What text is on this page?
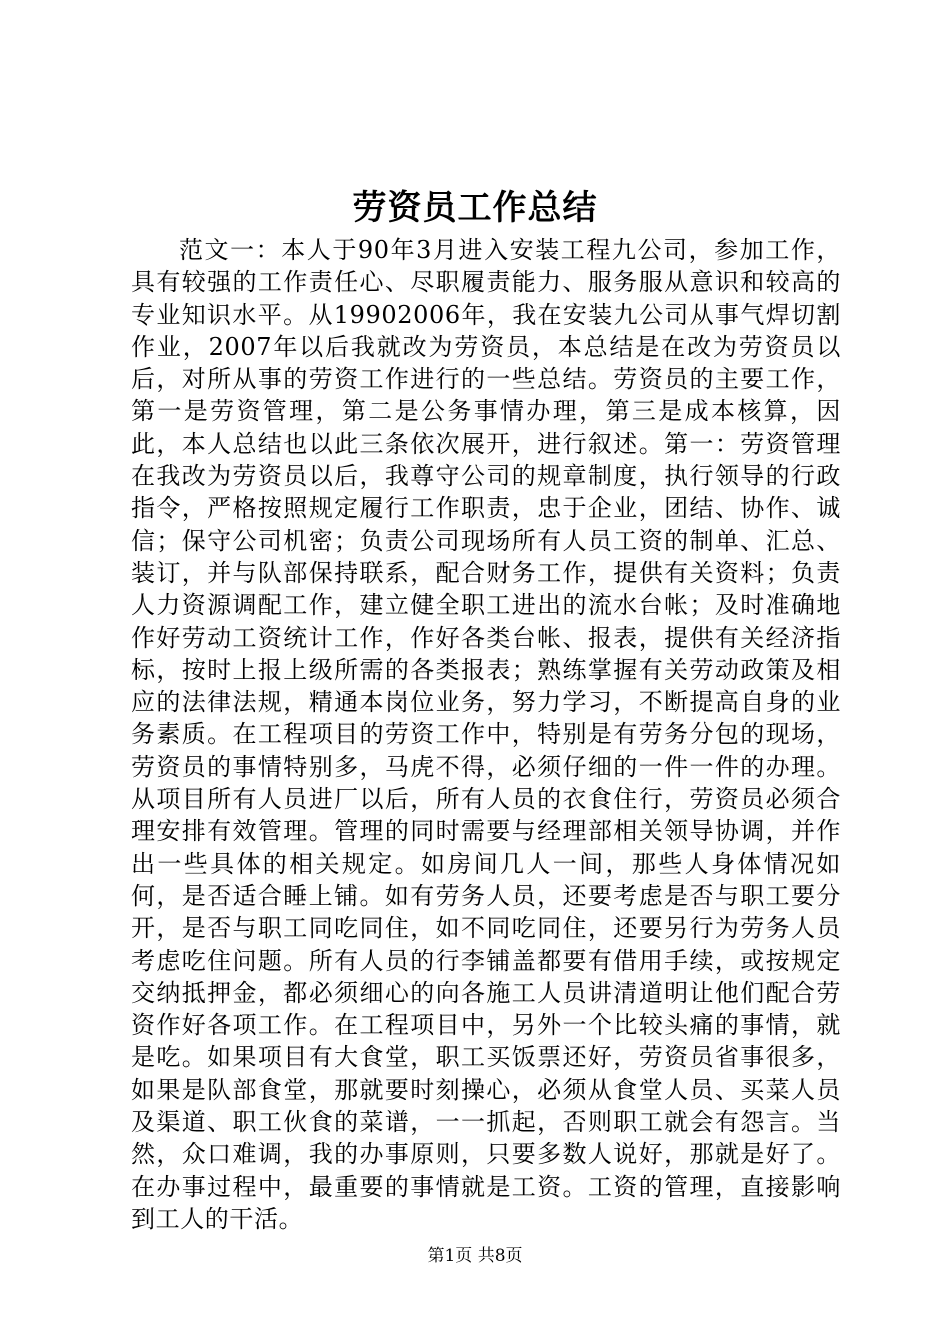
劳资员工作总结

范文一：本人于90年3月进入安装工程九公司，参加工作，具有较强的工作责任心、尽职履责能力、服务服从意识和较高的专业知识水平。从19902006年，我在安装九公司从事气焊切割作业，2007年以后我就改为劳资员，本总结是在改为劳资员以后，对所从事的劳资工作进行的一些总结。劳资员的主要工作，第一是劳资管理，第二是公务事情办理，第三是成本核算，因此，本人总结也以此三条依次展开，进行叙述。第一：劳资管理在我改为劳资员以后，我尊守公司的规章制度，执行领导的行政指令，严格按照规定履行工作职责，忠于企业，团结、协作、诚信；保守公司机密；负责公司现场所有人员工资的制单、汇总、装订，并与队部保持联系，配合财务工作，提供有关资料；负责人力资源调配工作，建立健全职工进出的流水台帐；及时准确地作好劳动工资统计工作，作好各类台帐、报表，提供有关经济指标，按时上报上级所需的各类报表；熟练掌握有关劳动政策及相应的法律法规，精通本岗位业务，努力学习，不断提高自身的业务素质。在工程项目的劳资工作中，特别是有劳务分包的现场，劳资员的事情特别多，马虎不得，必须仔细的一件一件的办理。从项目所有人员进厂以后，所有人员的衣食住行，劳资员必须合理安排有效管理。管理的同时需要与经理部相关领导协调，并作出一些具体的相关规定。如房间几人一间，那些人身体情况如何，是否适合睡上铺。如有劳务人员，还要考虑是否与职工要分开，是否与职工同吃同住，如不同吃同住，还要另行为劳务人员考虑吃住问题。所有人员的行李铺盖都要有借用手续，或按规定交纳抵押金，都必须细心的向各施工人员讲清道明让他们配合劳资作好各项工作。在工程项目中，另外一个比较头痛的事情，就是吃。如果项目有大食堂，职工买饭票还好，劳资员省事很多，如果是队部食堂，那就要时刻操心，必须从食堂人员、买菜人员及渠道、职工伙食的菜谱，一一抓起，否则职工就会有怨言。当然，众口难调，我的办事原则，只要多数人说好，那就是好了。在办事过程中，最重要的事情就是工资。工资的管理，直接影响到工人的干活。

第1页 共8页
